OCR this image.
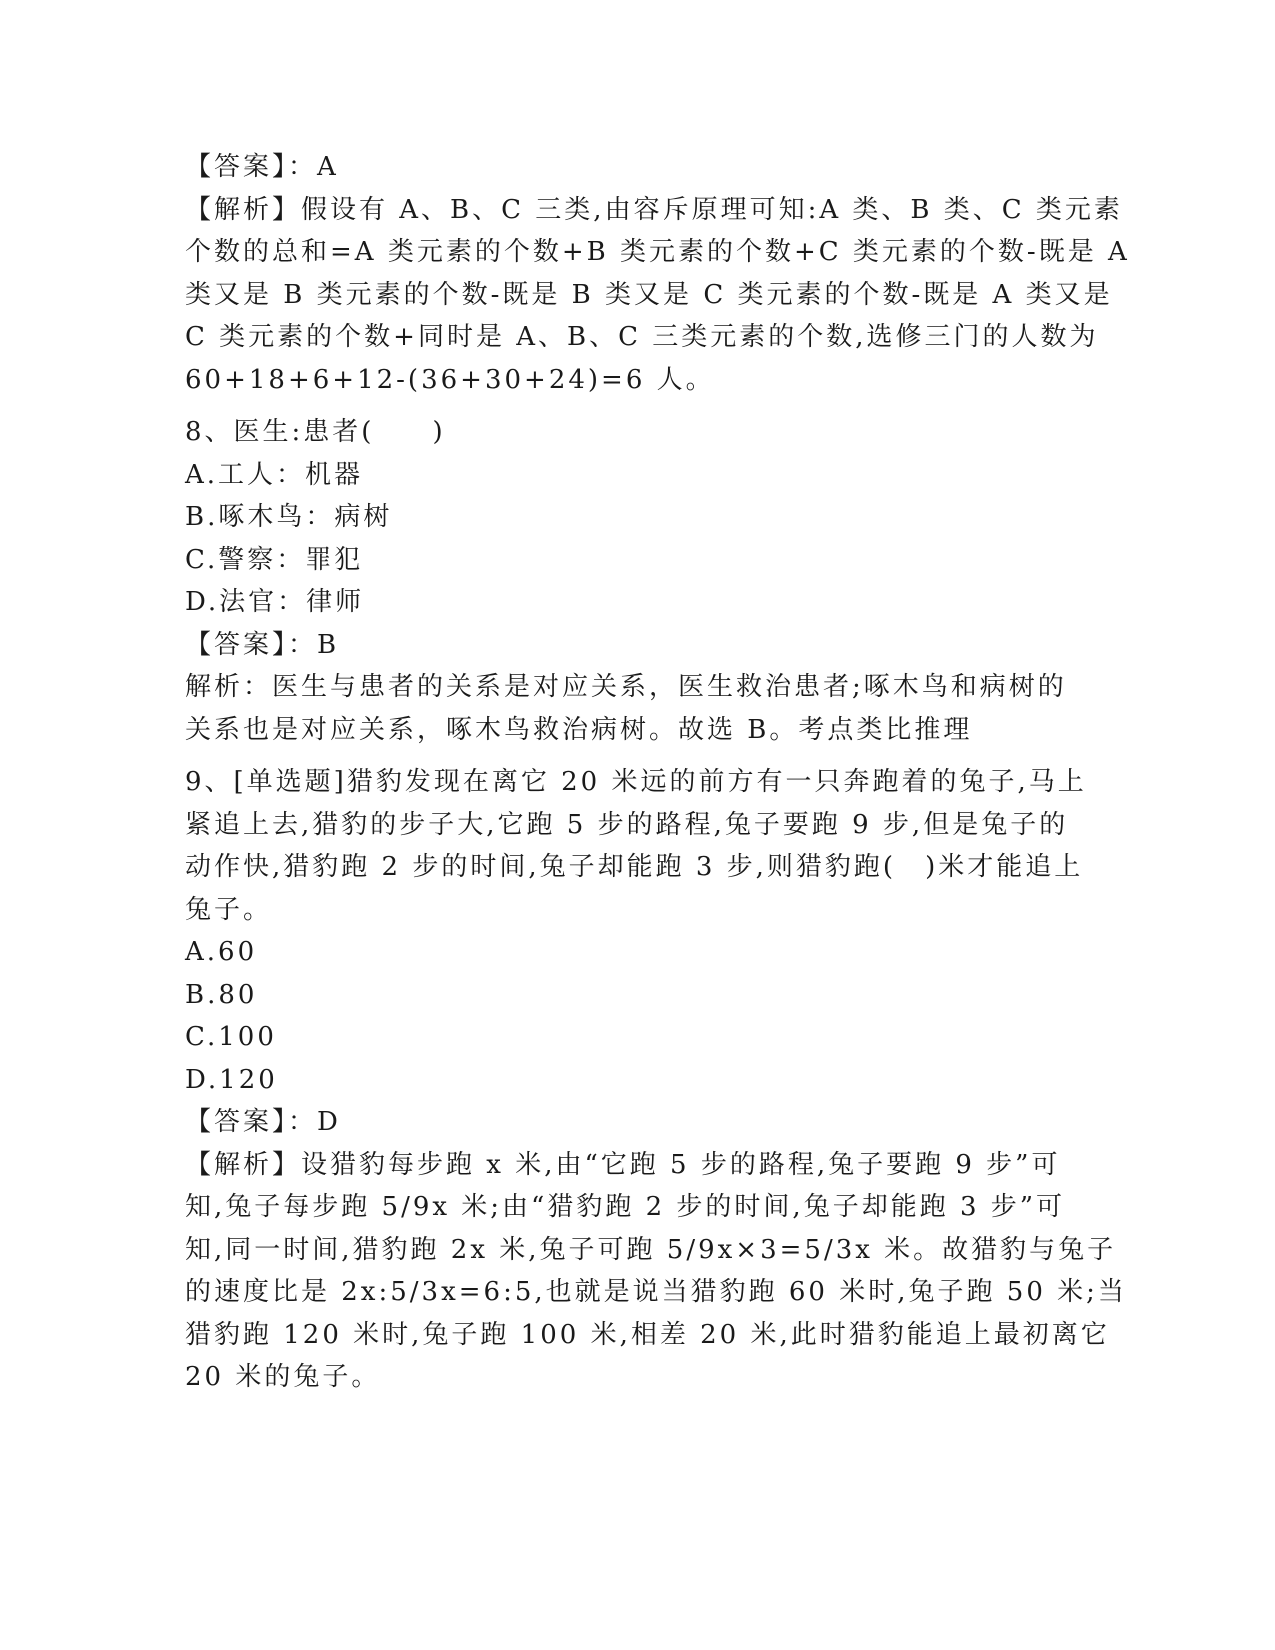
【答案】：A
【解析】假设有 A、B、C 三类,由容斥原理可知:A 类、B 类、C 类元素
个数的总和=A 类元素的个数+B 类元素的个数+C 类元素的个数-既是 A
类又是 B 类元素的个数-既是 B 类又是 C 类元素的个数-既是 A 类又是
C 类元素的个数+同时是 A、B、C 三类元素的个数,选修三门的人数为
60+18+6+12-(36+30+24)=6 人。
8、医生:患者(　　)
A.工人：机器
B.啄木鸟：病树
C.警察：罪犯
D.法官：律师
【答案】：B
解析：医生与患者的关系是对应关系，医生救治患者;啄木鸟和病树的
关系也是对应关系，啄木鸟救治病树。故选 B。考点类比推理
9、[单选题]猎豹发现在离它 20 米远的前方有一只奔跑着的兔子,马上
紧追上去,猎豹的步子大,它跑 5 步的路程,兔子要跑 9 步,但是兔子的
动作快,猎豹跑 2 步的时间,兔子却能跑 3 步,则猎豹跑(　)米才能追上
兔子。
A.60
B.80
C.100
D.120
【答案】：D
【解析】设猎豹每步跑 x 米,由“它跑 5 步的路程,兔子要跑 9 步”可
知,兔子每步跑 5/9x 米;由“猎豹跑 2 步的时间,兔子却能跑 3 步”可
知,同一时间,猎豹跑 2x 米,兔子可跑 5/9x×3=5/3x 米。故猎豹与兔子
的速度比是 2x:5/3x=6:5,也就是说当猎豹跑 60 米时,兔子跑 50 米;当
猎豹跑 120 米时,兔子跑 100 米,相差 20 米,此时猎豹能追上最初离它
20 米的兔子。
